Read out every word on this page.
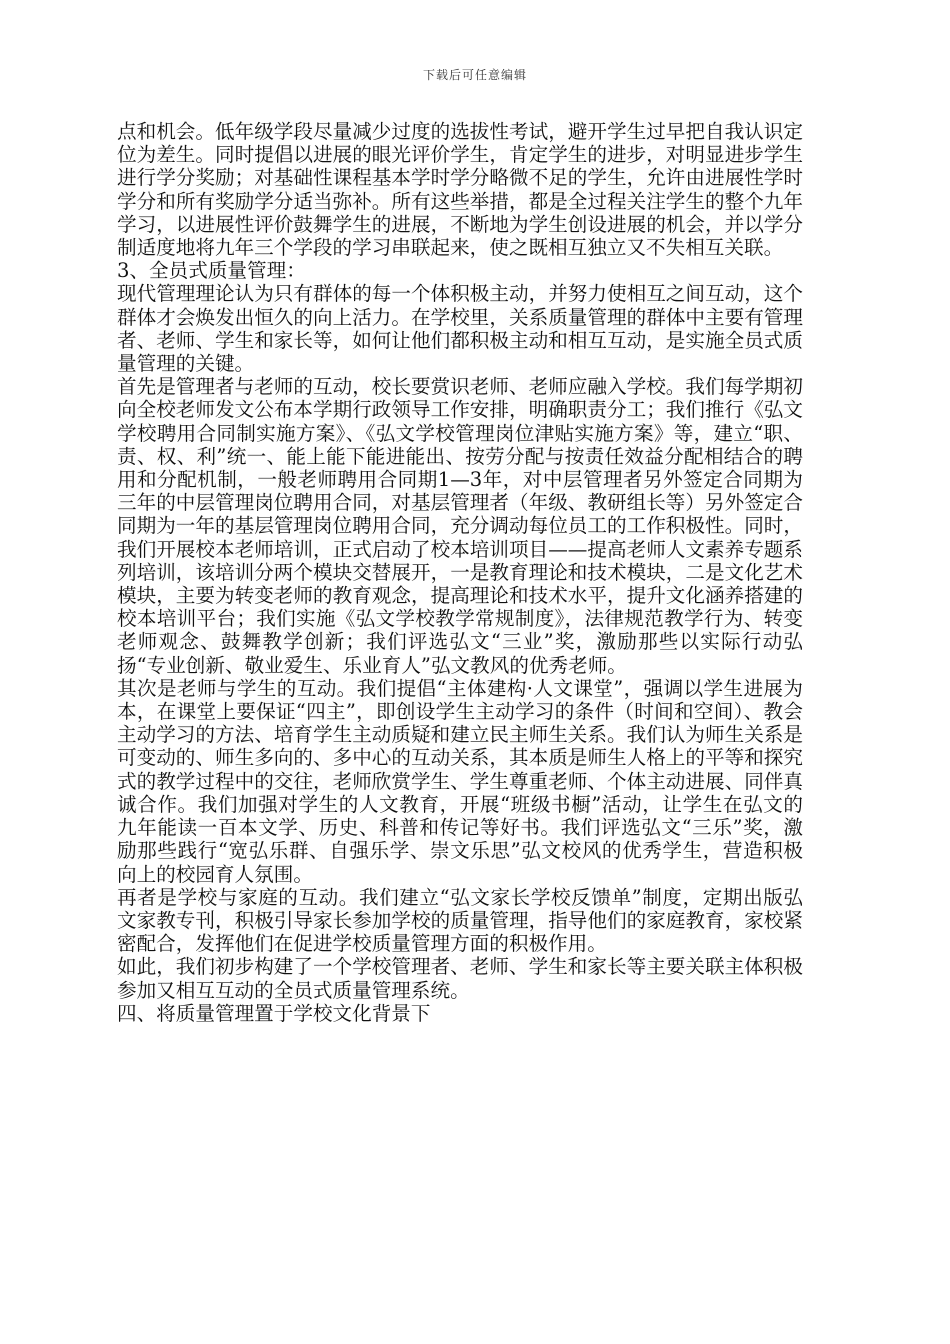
下载后可任意编辑

点和机会。低年级学段尽量减少过度的选拔性考试，避开学生过早把自我认识定位为差生。同时提倡以进展的眼光评价学生，肯定学生的进步，对明显进步学生进行学分奖励；对基础性课程基本学时学分略微不足的学生，允许由进展性学时学分和所有奖励学分适当弥补。所有这些举措，都是全过程关注学生的整个九年学习，以进展性评价鼓舞学生的进展，不断地为学生创设进展的机会，并以学分制适度地将九年三个学段的学习串联起来，使之既相互独立又不失相互关联。

3、全员式质量管理：

现代管理理论认为只有群体的每一个体积极主动，并努力使相互之间互动，这个群体才会焕发出恒久的向上活力。在学校里，关系质量管理的群体中主要有管理者、老师、学生和家长等，如何让他们都积极主动和相互互动，是实施全员式质量管理的关键。

首先是管理者与老师的互动，校长要赏识老师、老师应融入学校。我们每学期初向全校老师发文公布本学期行政领导工作安排，明确职责分工；我们推行《弘文学校聘用合同制实施方案》、《弘文学校管理岗位津贴实施方案》等，建立“职、责、权、利”统一、能上能下能进能出、按劳分配与按责任效益分配相结合的聘用和分配机制，一般老师聘用合同期1—3年，对中层管理者另外签定合同期为三年的中层管理岗位聘用合同，对基层管理者（年级、教研组长等）另外签定合同期为一年的基层管理岗位聘用合同，充分调动每位员工的工作积极性。同时，我们开展校本老师培训，正式启动了校本培训项目——提高老师人文素养专题系列培训，该培训分两个模块交替展开，一是教育理论和技术模块，二是文化艺术模块，主要为转变老师的教育观念，提高理论和技术水平，提升文化涵养搭建的校本培训平台；我们实施《弘文学校教学常规制度》，法律规范教学行为、转变老师观念、鼓舞教学创新；我们评选弘文“三业”奖，激励那些以实际行动弘扬“专业创新、敬业爱生、乐业育人”弘文教风的优秀老师。

其次是老师与学生的互动。我们提倡“主体建构·人文课堂”，强调以学生进展为本，在课堂上要保证“四主”，即创设学生主动学习的条件（时间和空间）、教会主动学习的方法、培育学生主动质疑和建立民主师生关系。我们认为师生关系是可变动的、师生多向的、多中心的互动关系，其本质是师生人格上的平等和探究式的教学过程中的交往，老师欣赏学生、学生尊重老师、个体主动进展、同伴真诚合作。我们加强对学生的人文教育，开展“班级书橱”活动，让学生在弘文的九年能读一百本文学、历史、科普和传记等好书。我们评选弘文“三乐”奖，激励那些践行“宽弘乐群、自强乐学、崇文乐思”弘文校风的优秀学生，营造积极向上的校园育人氛围。

再者是学校与家庭的互动。我们建立“弘文家长学校反馈单”制度，定期出版弘文家教专刊，积极引导家长参加学校的质量管理，指导他们的家庭教育，家校紧密配合，发挥他们在促进学校质量管理方面的积极作用。

如此，我们初步构建了一个学校管理者、老师、学生和家长等主要关联主体积极参加又相互互动的全员式质量管理系统。

四、将质量管理置于学校文化背景下
